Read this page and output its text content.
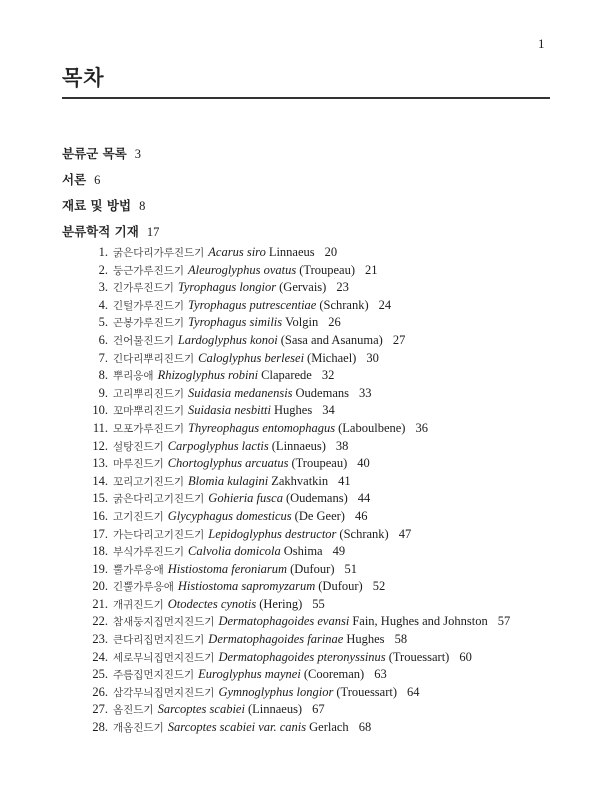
1
목차
분류군 목록 3
서론 6
재료 및 방법 8
분류학적 기재 17
1. 굵은다리가루진드기 Acarus siro Linnaeus 20
2. 둥근가루진드기 Aleuroglyphus ovatus (Troupeau) 21
3. 긴가루진드기 Tyrophagus longior (Gervais) 23
4. 긴털가루진드기 Tyrophagus putrescentiae (Schrank) 24
5. 곤봉가루진드기 Tyrophagus similis Volgin 26
6. 건어물진드기 Lardoglyphus konoi (Sasa and Asanuma) 27
7. 긴다리뿌리진드기 Caloglyphus berlesei (Michael) 30
8. 뿌리응애 Rhizoglyphus robini Claparede 32
9. 고리뿌리진드기 Suidasia medanensis Oudemans 33
10. 꼬마뿌리진드기 Suidasia nesbitti Hughes 34
11. 모포가루진드기 Thyreophagus entomophagus (Laboulbene) 36
12. 설탕진드기 Carpoglyphus lactis (Linnaeus) 38
13. 마루진드기 Chortoglyphus arcuatus (Troupeau) 40
14. 꼬리고기진드기 Blomia kulagini Zakhvatkin 41
15. 굵은다리고기진드기 Gohieria fusca (Oudemans) 44
16. 고기진드기 Glycyphagus domesticus (De Geer) 46
17. 가는다리고기진드기 Lepidoglyphus destructor (Schrank) 47
18. 부식가루진드기 Calvolia domicola Oshima 49
19. 뿔가루응애 Histiostoma feroniarum (Dufour) 51
20. 긴뿔가루응애 Histiostoma sapromyzarum (Dufour) 52
21. 개귀진드기 Otodectes cynotis (Hering) 55
22. 참새둥지집먼지진드기 Dermatophagoides evansi Fain, Hughes and Johnston 57
23. 큰다리집먼지진드기 Dermatophagoides farinae Hughes 58
24. 세로무늬집먼지진드기 Dermatophagoides pteronyssinus (Trouessart) 60
25. 주름집먼지진드기 Euroglyphus maynei (Cooreman) 63
26. 삼각무늬집먼지진드기 Gymnoglyphus longior (Trouessart) 64
27. 옴진드기 Sarcoptes scabiei (Linnaeus) 67
28. 개옴진드기 Sarcoptes scabiei var. canis Gerlach 68
